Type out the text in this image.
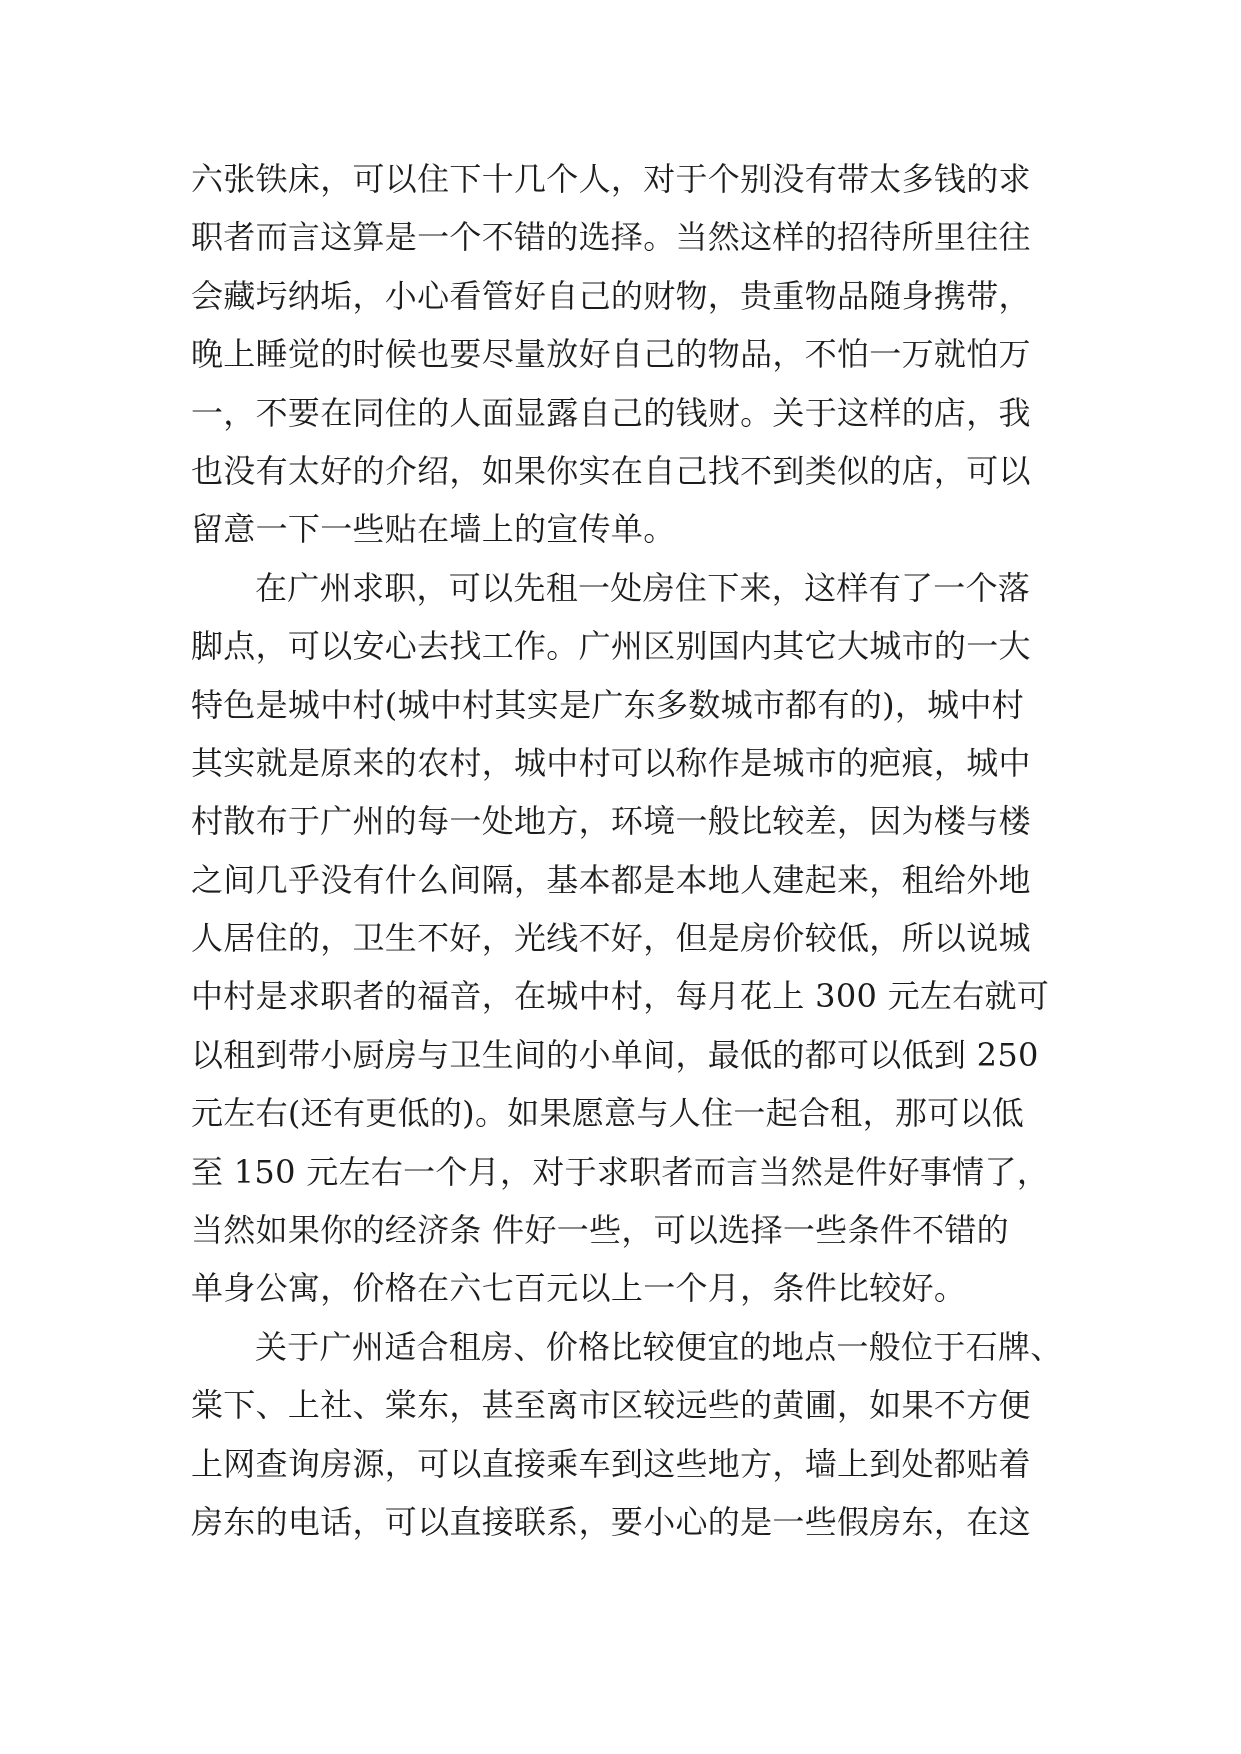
六张铁床，可以住下十几个人，对于个别没有带太多钱的求
职者而言这算是一个不错的选择。当然这样的招待所里往往
会藏圬纳垢，小心看管好自己的财物，贵重物品随身携带，
晚上睡觉的时候也要尽量放好自己的物品，不怕一万就怕万
一，不要在同住的人面显露自己的钱财。关于这样的店，我
也没有太好的介绍，如果你实在自己找不到类似的店，可以
留意一下一些贴在墙上的宣传单。
在广州求职，可以先租一处房住下来，这样有了一个落
脚点，可以安心去找工作。广州区别国内其它大城市的一大
特色是城中村(城中村其实是广东多数城市都有的)，城中村
其实就是原来的农村，城中村可以称作是城市的疤痕，城中
村散布于广州的每一处地方，环境一般比较差，因为楼与楼
之间几乎没有什么间隔，基本都是本地人建起来，租给外地
人居住的，卫生不好，光线不好，但是房价较低，所以说城
中村是求职者的福音，在城中村，每月花上 300 元左右就可
以租到带小厨房与卫生间的小单间，最低的都可以低到 250
元左右(还有更低的)。如果愿意与人住一起合租，那可以低
至 150 元左右一个月，对于求职者而言当然是件好事情了，
当然如果你的经济条 件好一些，可以选择一些条件不错的
单身公寓，价格在六七百元以上一个月，条件比较好。
关于广州适合租房、价格比较便宜的地点一般位于石牌、
棠下、上社、棠东，甚至离市区较远些的黄圃，如果不方便
上网查询房源，可以直接乘车到这些地方，墙上到处都贴着
房东的电话，可以直接联系，要小心的是一些假房东，在这
